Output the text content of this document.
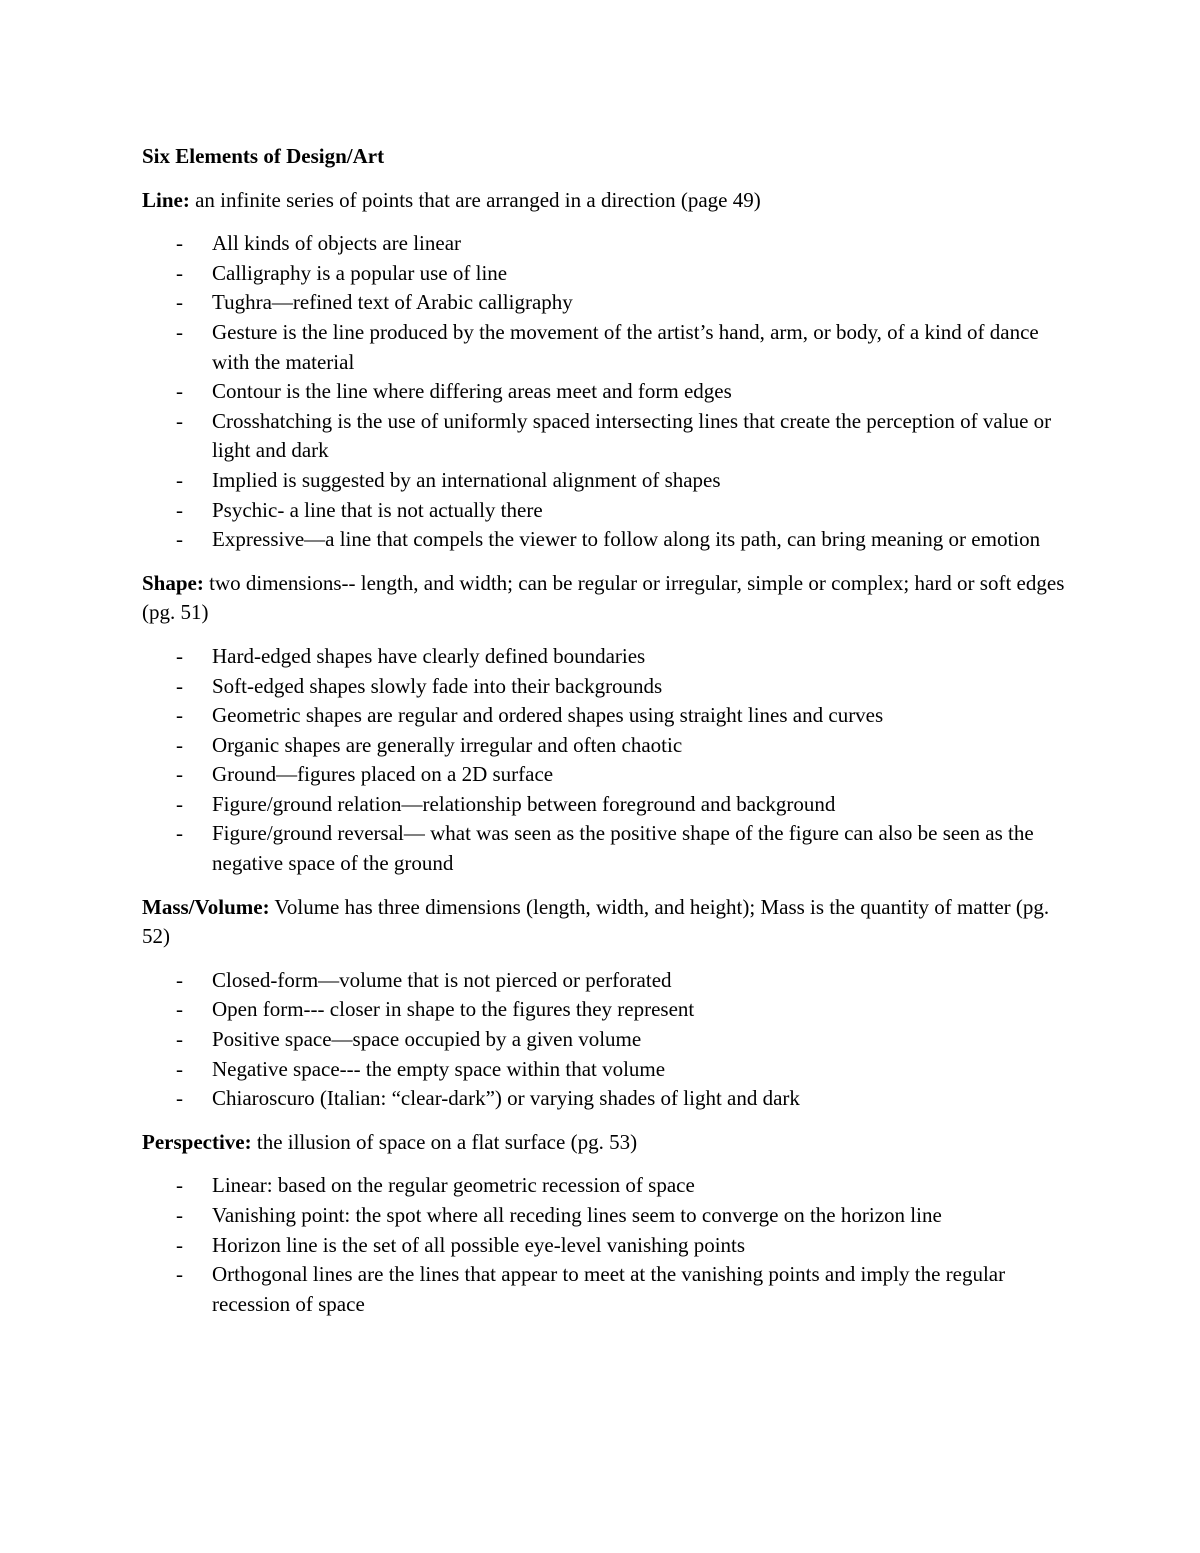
Six Elements of Design/Art
Line: an infinite series of points that are arranged in a direction (page 49)
- All kinds of objects are linear
- Calligraphy is a popular use of line
- Tughra—refined text of Arabic calligraphy
- Gesture is the line produced by the movement of the artist’s hand, arm, or body, of a kind of dance with the material
- Contour is the line where differing areas meet and form edges
- Crosshatching is the use of uniformly spaced intersecting lines that create the perception of value or light and dark
- Implied is suggested by an international alignment of shapes
- Psychic- a line that is not actually there
- Expressive—a line that compels the viewer to follow along its path, can bring meaning or emotion
Shape: two dimensions-- length, and width; can be regular or irregular, simple or complex; hard or soft edges (pg. 51)
- Hard-edged shapes have clearly defined boundaries
- Soft-edged shapes slowly fade into their backgrounds
- Geometric shapes are regular and ordered shapes using straight lines and curves
- Organic shapes are generally irregular and often chaotic
- Ground—figures placed on a 2D surface
- Figure/ground relation—relationship between foreground and background
- Figure/ground reversal— what was seen as the positive shape of the figure can also be seen as the negative space of the ground
Mass/Volume: Volume has three dimensions (length, width, and height); Mass is the quantity of matter (pg. 52)
- Closed-form—volume that is not pierced or perforated
- Open form--- closer in shape to the figures they represent
- Positive space—space occupied by a given volume
- Negative space--- the empty space within that volume
- Chiaroscuro (Italian: “clear-dark”) or varying shades of light and dark
Perspective: the illusion of space on a flat surface (pg. 53)
- Linear: based on the regular geometric recession of space
- Vanishing point: the spot where all receding lines seem to converge on the horizon line
- Horizon line is the set of all possible eye-level vanishing points
- Orthogonal lines are the lines that appear to meet at the vanishing points and imply the regular recession of space
